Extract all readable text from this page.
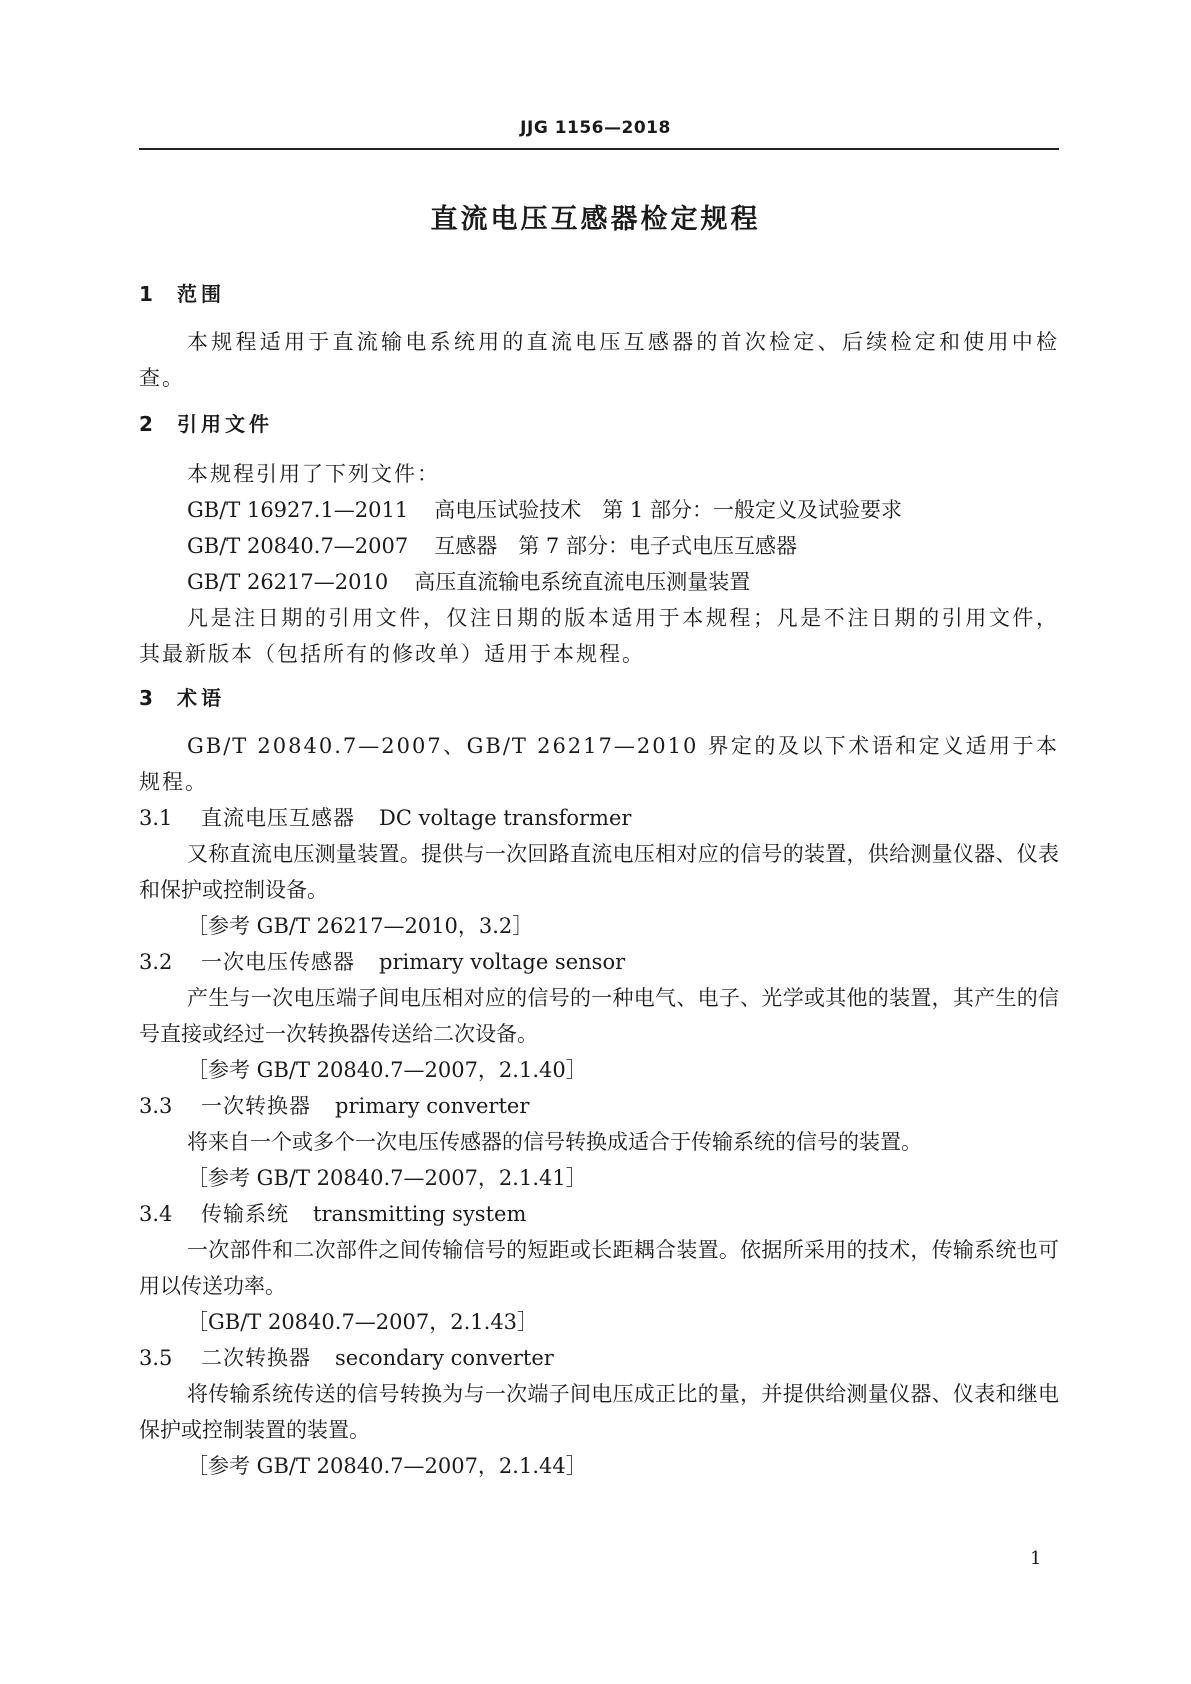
JJG 1156—2018
直流电压互感器检定规程
1 范围
本规程适用于直流输电系统用的直流电压互感器的首次检定、后续检定和使用中检查。
2 引用文件
本规程引用了下列文件：
GB/T 16927.1—2011 高电压试验技术　第 1 部分：一般定义及试验要求
GB/T 20840.7—2007 互感器　第 7 部分：电子式电压互感器
GB/T 26217—2010 高压直流输电系统直流电压测量装置
凡是注日期的引用文件，仅注日期的版本适用于本规程；凡是不注日期的引用文件，其最新版本（包括所有的修改单）适用于本规程。
3 术语
GB/T 20840.7—2007、GB/T 26217—2010 界定的及以下术语和定义适用于本规程。
3.1 直流电压互感器 DC voltage transformer
又称直流电压测量装置。提供与一次回路直流电压相对应的信号的装置，供给测量仪器、仪表和保护或控制设备。
［参考 GB/T 26217—2010，3.2］
3.2 一次电压传感器 primary voltage sensor
产生与一次电压端子间电压相对应的信号的一种电气、电子、光学或其他的装置，其产生的信号直接或经过一次转换器传送给二次设备。
［参考 GB/T 20840.7—2007，2.1.40］
3.3 一次转换器 primary converter
将来自一个或多个一次电压传感器的信号转换成适合于传输系统的信号的装置。
［参考 GB/T 20840.7—2007，2.1.41］
3.4 传输系统 transmitting system
一次部件和二次部件之间传输信号的短距或长距耦合装置。依据所采用的技术，传输系统也可用以传送功率。
［GB/T 20840.7—2007，2.1.43］
3.5 二次转换器 secondary converter
将传输系统传送的信号转换为与一次端子间电压成正比的量，并提供给测量仪器、仪表和继电保护或控制装置的装置。
［参考 GB/T 20840.7—2007，2.1.44］
1
